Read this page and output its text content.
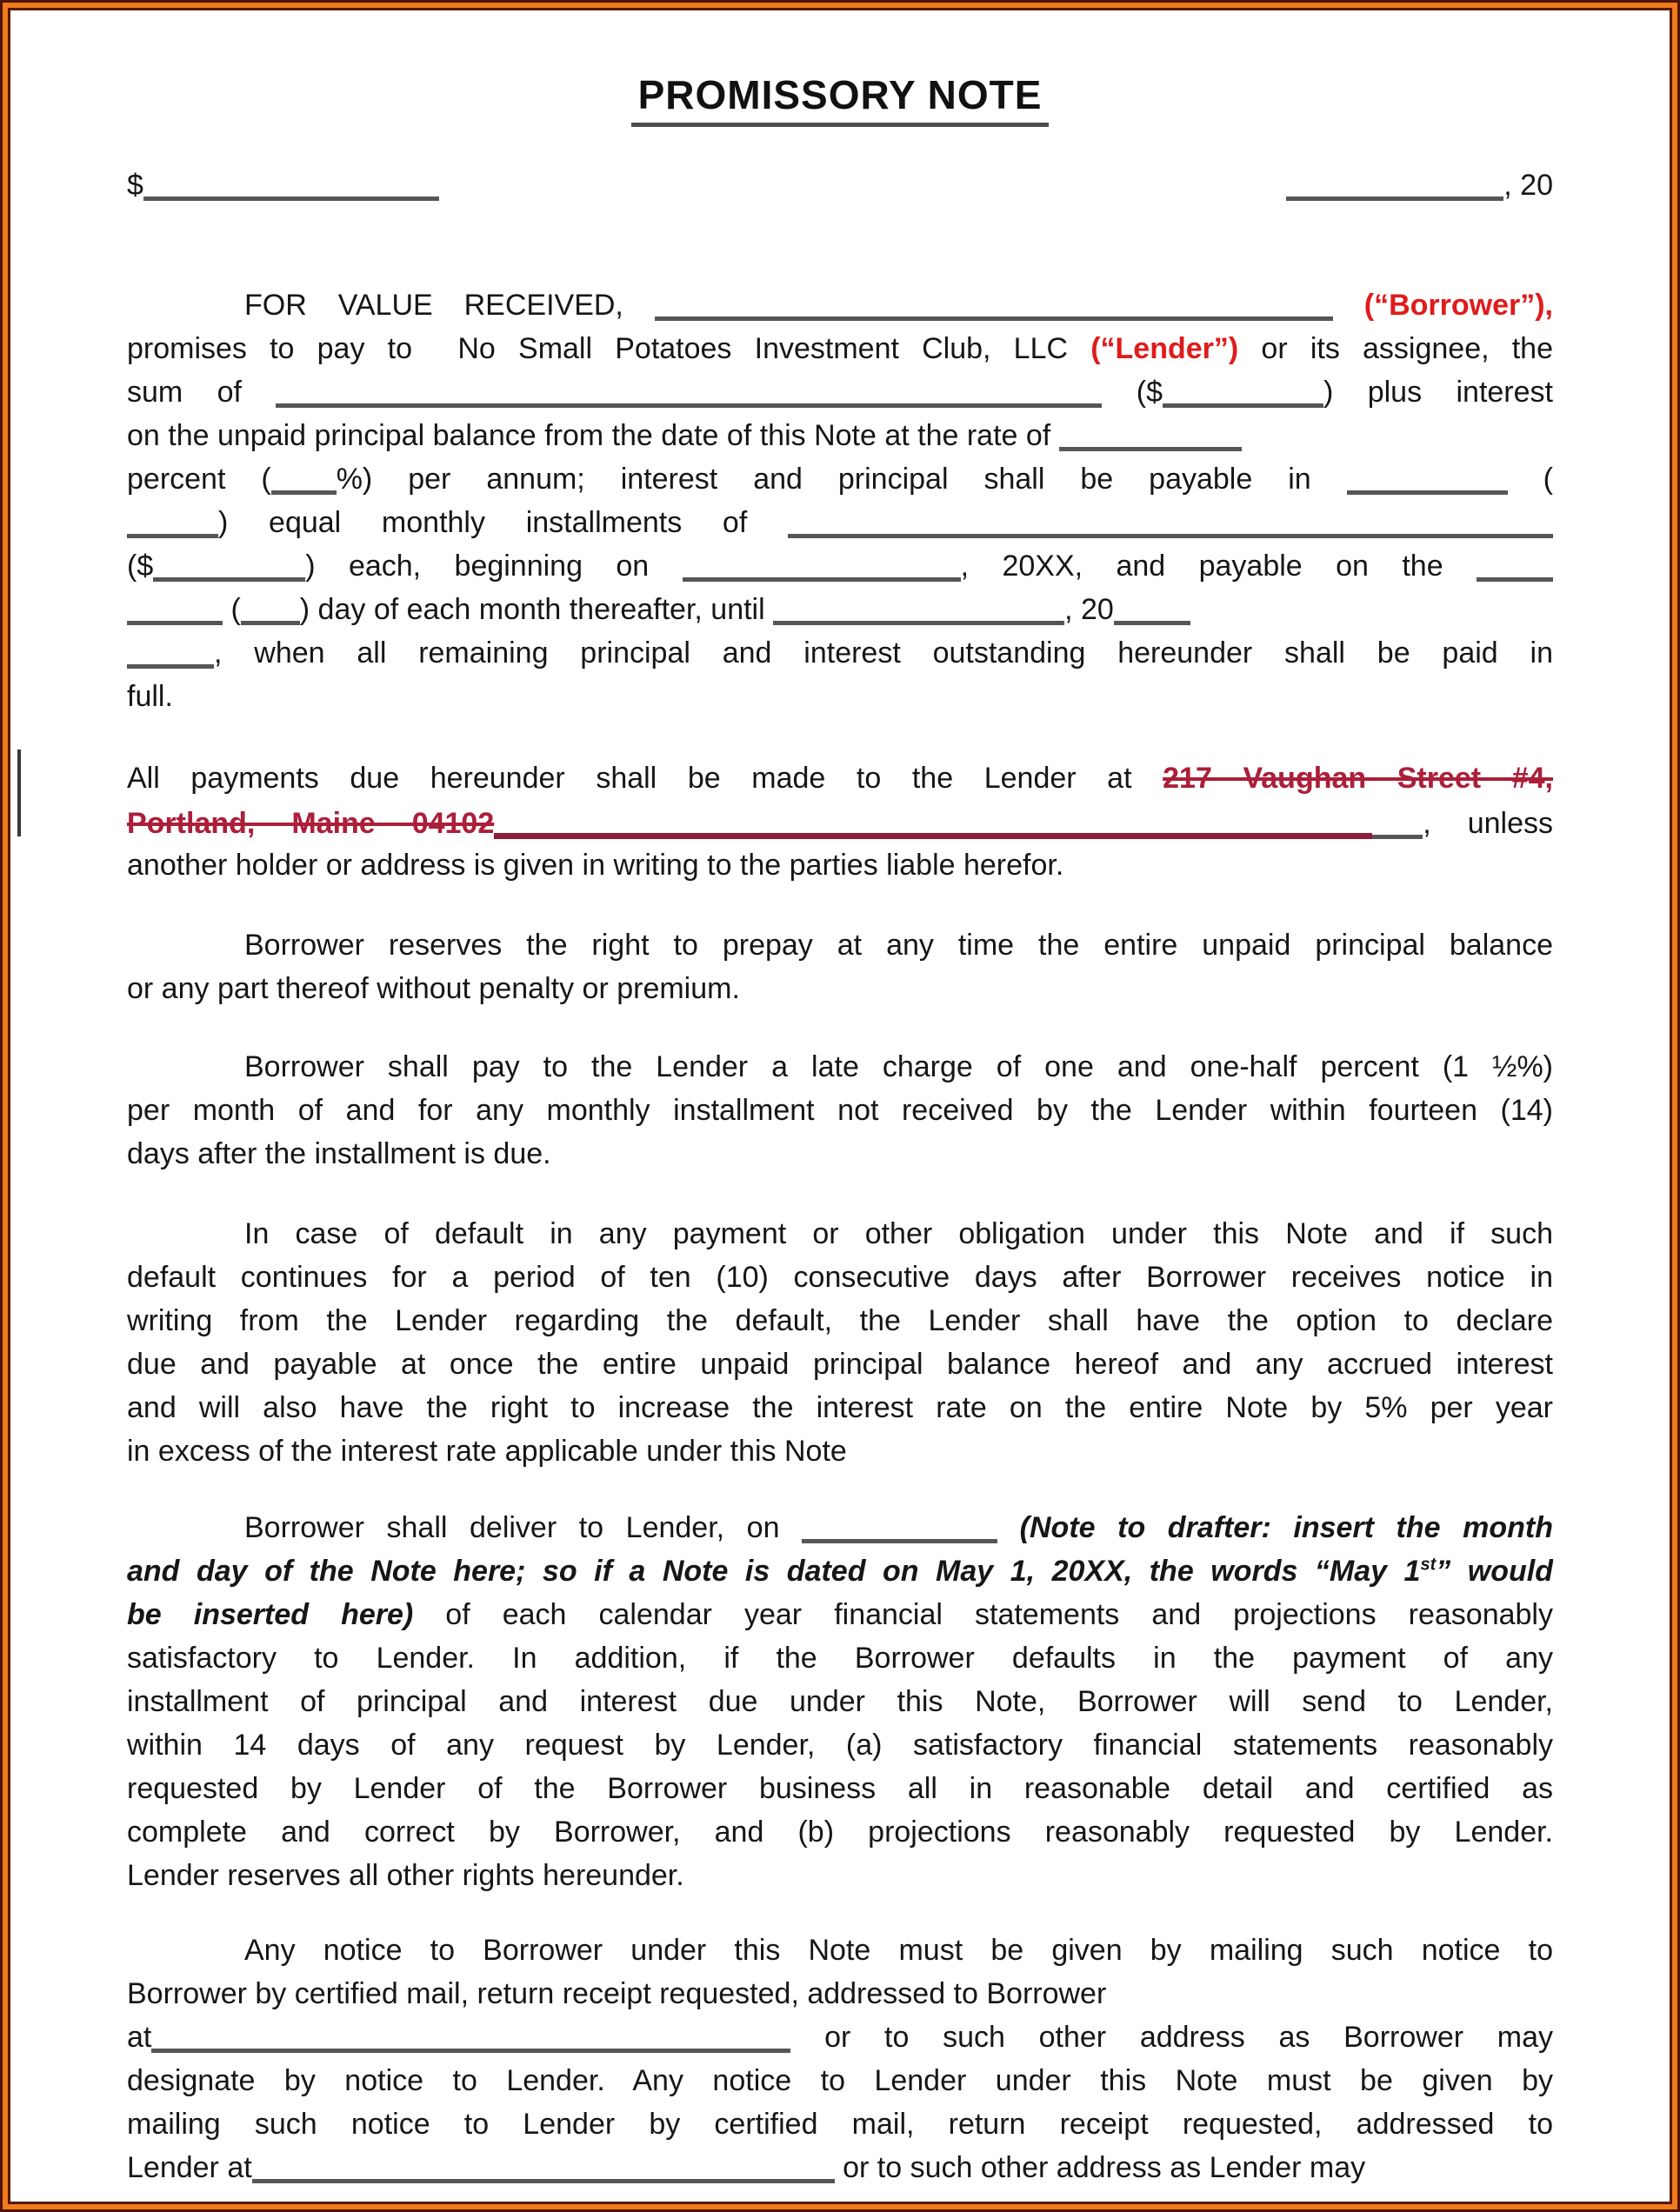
PROMISSORY NOTE
$	, 20
FOR VALUE RECEIVED,	(“Borrower”),
promises to pay to  No Small Potatoes Investment Club, LLC (“Lender”) or its assignee, the
sum of	($	) plus interest
on the unpaid principal balance from the date of this Note at the rate of
percent ( %) per annum; interest and principal shall be payable in	(
) equal monthly installments of
($	) each, beginning on	, 20XX, and payable on the
( ) day of each month thereafter, until	, 20
, when all remaining principal and interest outstanding hereunder shall be paid in
full.
All payments due hereunder shall be made to the Lender at 217 Vaughan Street #4,
Portland, Maine 04102	, unless
another holder or address is given in writing to the parties liable herefor.
Borrower reserves the right to prepay at any time the entire unpaid principal balance
or any part thereof without penalty or premium.
Borrower shall pay to the Lender a late charge of one and one-half percent (1 ½%)
per month of and for any monthly installment not received by the Lender within fourteen (14)
days after the installment is due.
In case of default in any payment or other obligation under this Note and if such
default continues for a period of ten (10) consecutive days after Borrower receives notice in
writing from the Lender regarding the default, the Lender shall have the option to declare
due and payable at once the entire unpaid principal balance hereof and any accrued interest
and will also have the right to increase the interest rate on the entire Note by 5% per year
in excess of the interest rate applicable under this Note
Borrower shall deliver to Lender, on	(Note to drafter: insert the month
and day of the Note here; so if a Note is dated on May 1, 20XX, the words “May 1st” would
be inserted here) of each calendar year financial statements and projections reasonably
satisfactory to Lender. In addition, if the Borrower defaults in the payment of any
installment of principal and interest due under this Note, Borrower will send to Lender,
within 14 days of any request by Lender, (a) satisfactory financial statements reasonably
requested by Lender of the Borrower business all in reasonable detail and certified as
complete and correct by Borrower, and (b) projections reasonably requested by Lender.
Lender reserves all other rights hereunder.
Any notice to Borrower under this Note must be given by mailing such notice to
Borrower by certified mail, return receipt requested, addressed to Borrower
at	or to such other address as Borrower may
designate by notice to Lender. Any notice to Lender under this Note must be given by
mailing such notice to Lender by certified mail, return receipt requested, addressed to
Lender at	or to such other address as Lender may
